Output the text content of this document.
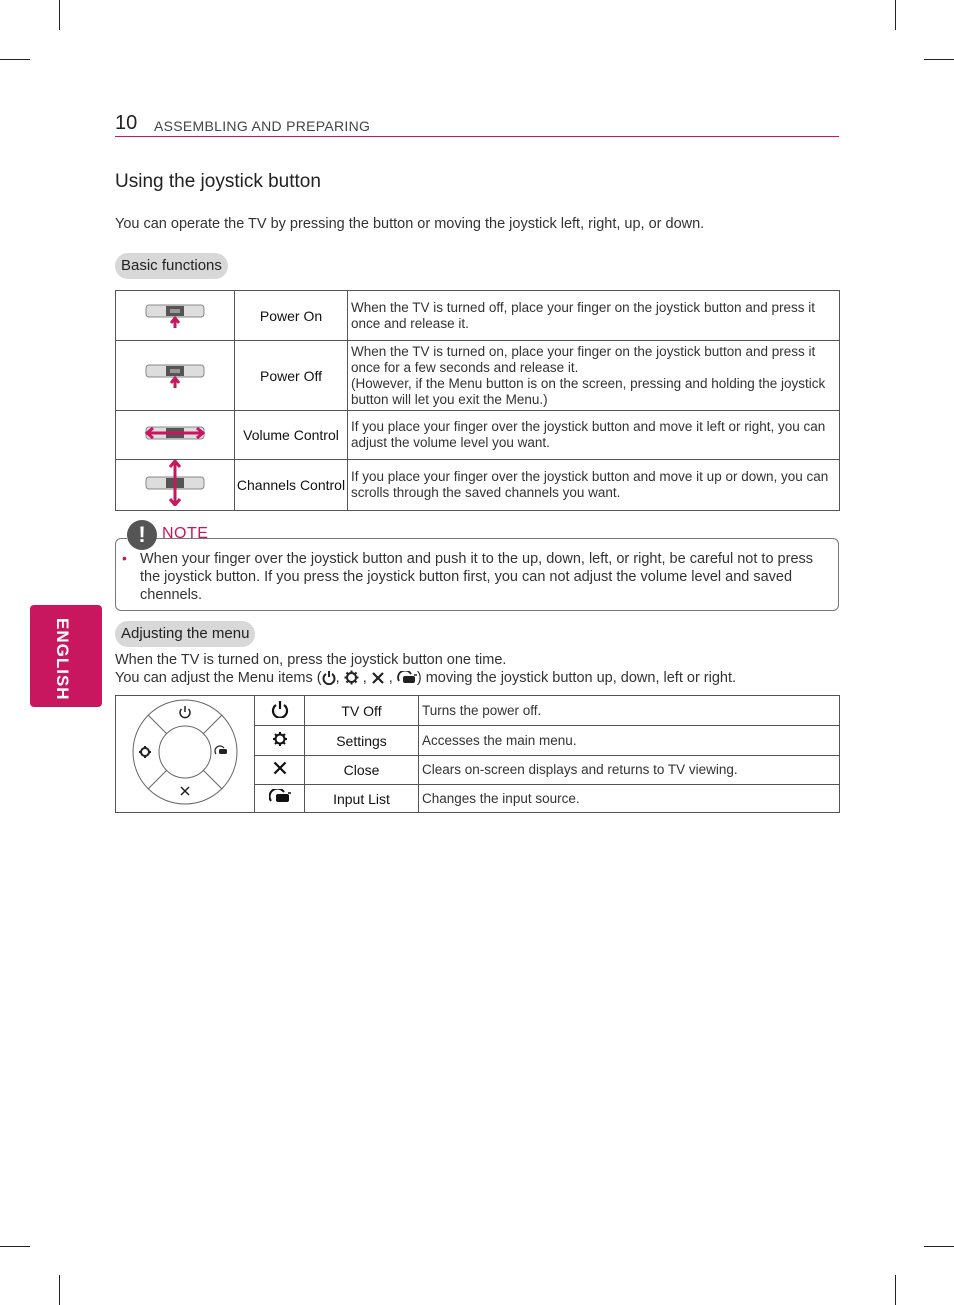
10 ASSEMBLING AND PREPARING
Using the joystick button
You can operate the TV by pressing the button or moving the joystick left, right, up, or down.
Basic functions
	Power On	When the TV is turned off, place your finger on the joystick button and press it once and release it.
	Power Off	When the TV is turned on, place your finger on the joystick button and press it once for a few seconds and release it.
(However, if the Menu button is on the screen, pressing and holding the joystick button will let you exit the Menu.)
	Volume Control	If you place your finger over the joystick button and move it left or right, you can adjust the volume level you want.
	Channels Control	If you place your finger over the joystick button and move it up or down, you can scrolls through the saved channels you want.
!	NOTE
• When your finger over the joystick button and push it to the up, down, left, or right, be careful not to press the joystick button. If you press the joystick button first, you can not adjust the volume level and saved chennels.
ENGLISH	Adjusting the menu
When the TV is turned on, press the joystick button one time.
You can adjust the Menu items ( ,  ,  , ) moving the joystick button up, down, left or right.
		TV Off	Turns the power off.
	Settings	Accesses the main menu.
	Close	Clears on-screen displays and returns to TV viewing.
	Input List	Changes the input source.
